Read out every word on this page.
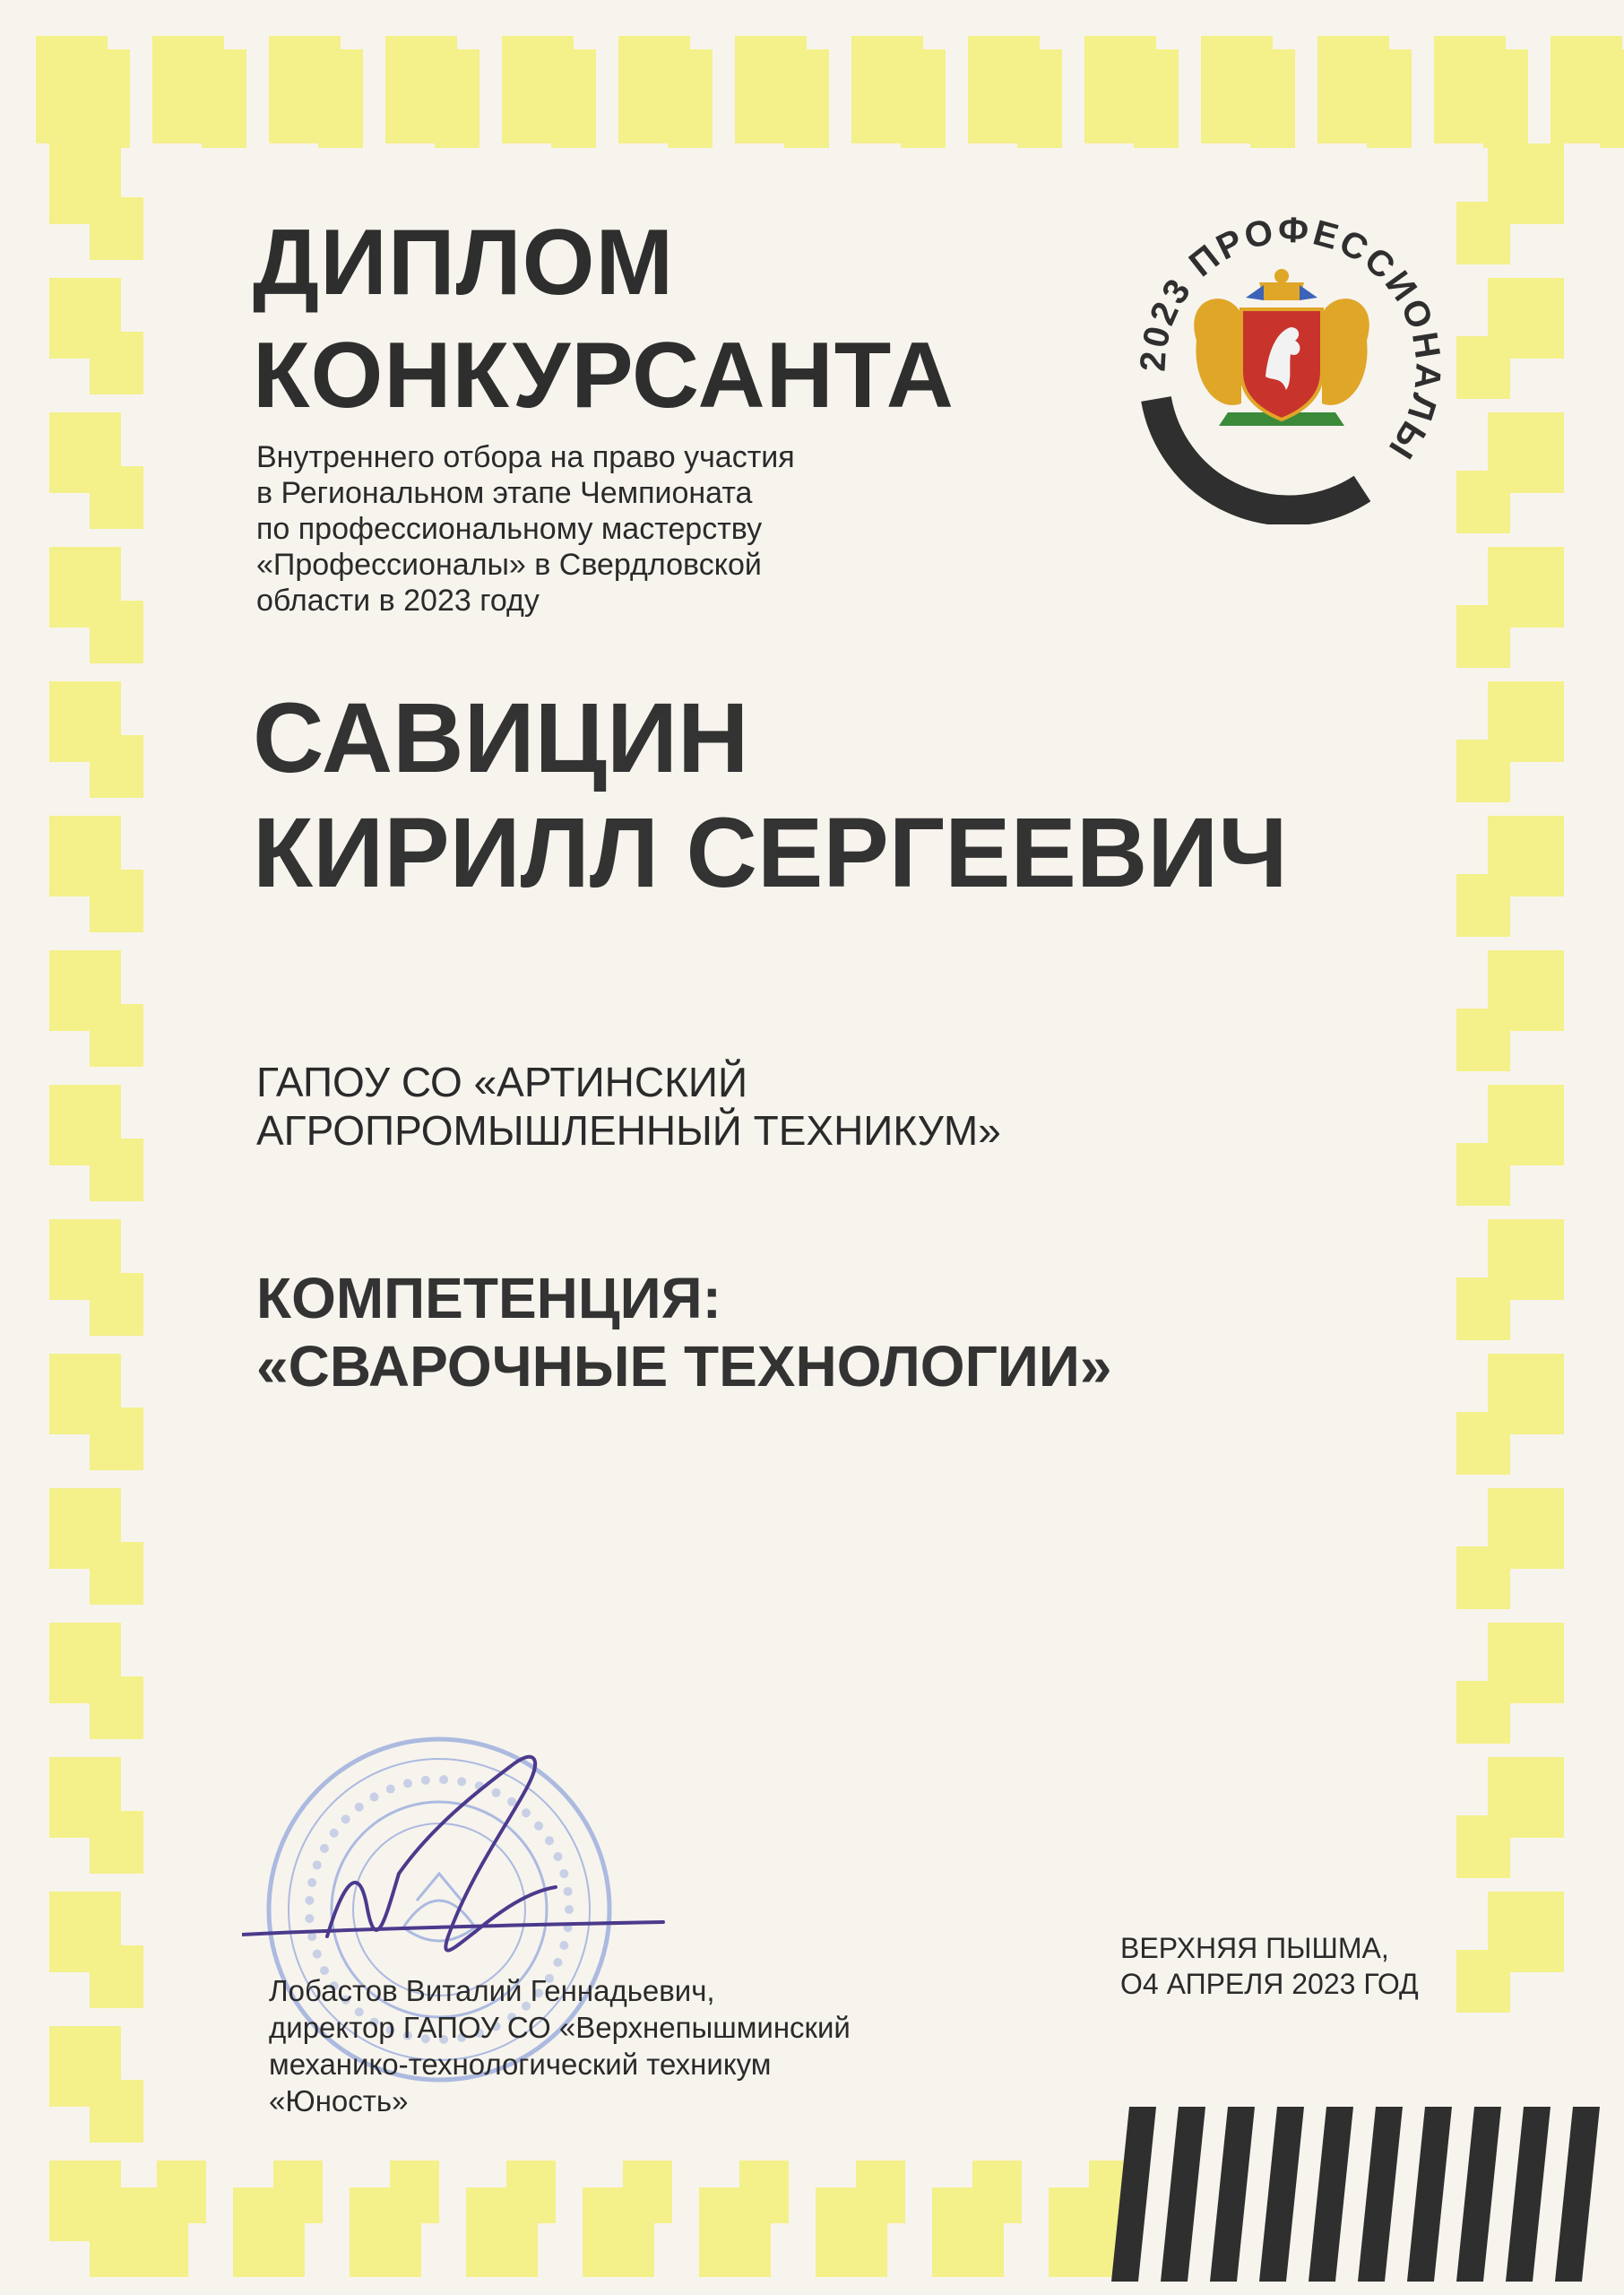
ДИПЛОМ
КОНКУРСАНТА
Внутреннего отбора на право участия
в Региональном этапе Чемпионата
по профессиональному мастерству
«Профессионалы» в Свердловской
области в 2023 году
САВИЦИН
КИРИЛЛ СЕРГЕЕВИЧ
ГАПОУ СО «АРТИНСКИЙ
АГРОПРОМЫШЛЕННЫЙ ТЕХНИКУМ»
КОМПЕТЕНЦИЯ:
«СВАРОЧНЫЕ ТЕХНОЛОГИИ»
2023 ПРОФЕССИОНАЛЫ
ВЕРХНЯЯ ПЫШМА,
О4 АПРЕЛЯ 2023 ГОД
Лобастов Виталий Геннадьевич,
директор ГАПОУ СО «Верхнепышминский
механико-технологический техникум
«Юность»
